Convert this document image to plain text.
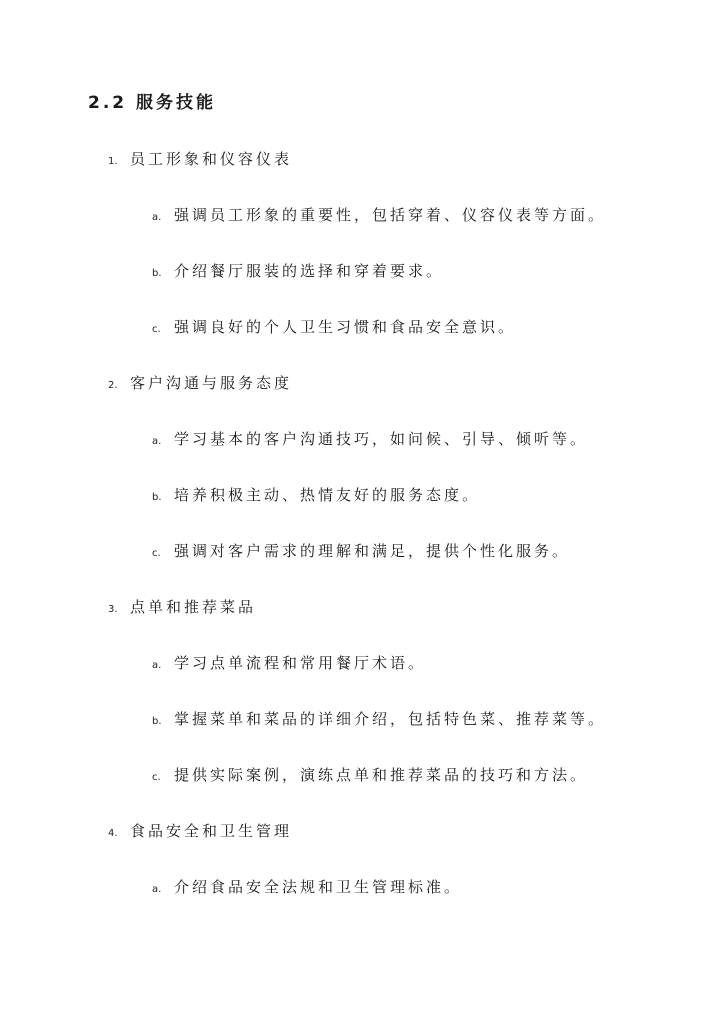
2.2 服务技能
1. 员工形象和仪容仪表
a. 强调员工形象的重要性，包括穿着、仪容仪表等方面。
b. 介绍餐厅服装的选择和穿着要求。
c. 强调良好的个人卫生习惯和食品安全意识。
2. 客户沟通与服务态度
a. 学习基本的客户沟通技巧，如问候、引导、倾听等。
b. 培养积极主动、热情友好的服务态度。
c. 强调对客户需求的理解和满足，提供个性化服务。
3. 点单和推荐菜品
a. 学习点单流程和常用餐厅术语。
b. 掌握菜单和菜品的详细介绍，包括特色菜、推荐菜等。
c. 提供实际案例，演练点单和推荐菜品的技巧和方法。
4. 食品安全和卫生管理
a. 介绍食品安全法规和卫生管理标准。
